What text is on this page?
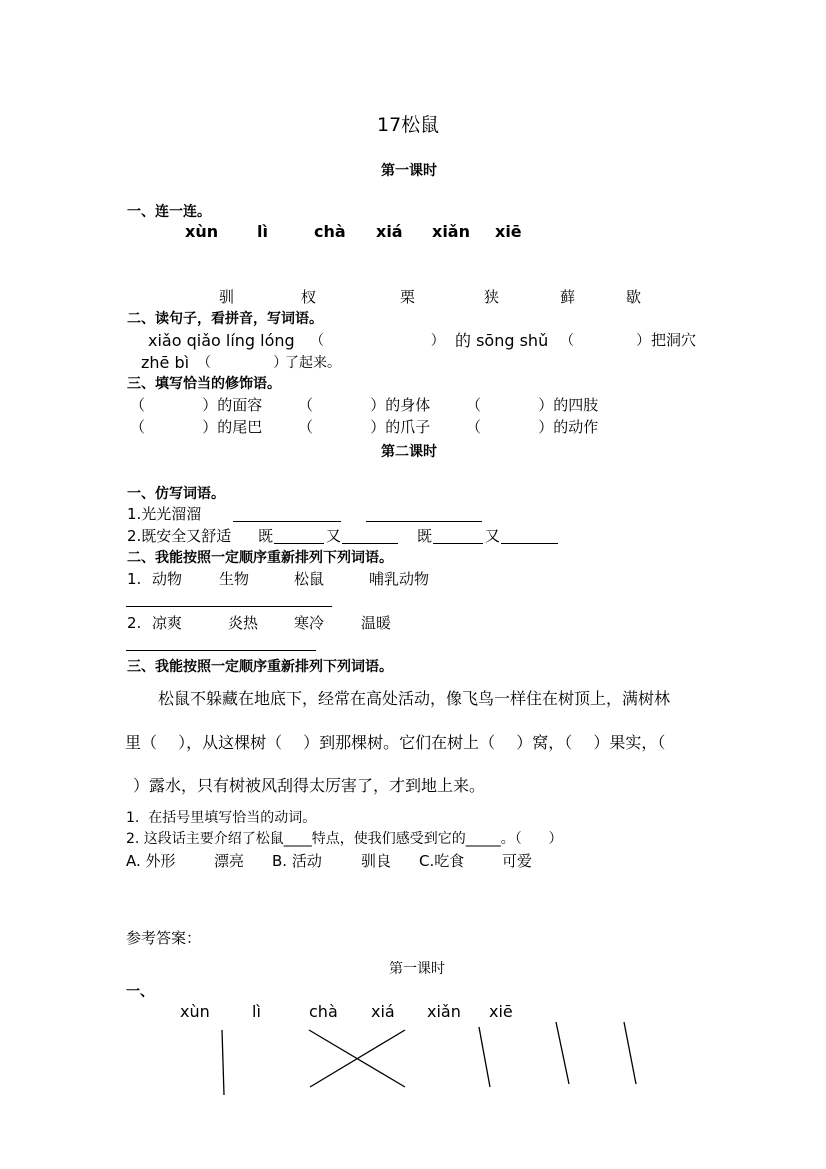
17松鼠
第一课时
一、连一连。
xùn lì	chà xiá xiǎn xiē
驯	杈	栗	狭	藓	歇
二、读句子，看拼音，写词语。
xiǎo qiǎo líng lóng （                        ） 的 sōng shǔ （              ） 把洞穴
zhē bì （              ）
了起来。
三、填写恰当的修饰语。
（            ）的面容 （            ）的身体 （            ）的四肢
（            ）的尾巴 （            ）的爪子 （            ）的动作
第二课时
一、仿写词语。
1.光光溜溜
2.既安全又舒适 既	又	既	又
二、我能按照一定顺序重新排列下列词语。
1. 动物 生物	松鼠	哺乳动物
2. 凉爽	炎热 寒冷 温暖
三、我能按照一定顺序重新排列下列词语。
松鼠不躲藏在地底下，经常在高处活动，像飞鸟一样住在树顶上，满树林
里（　 ），从这棵树（　 ）到那棵树。它们在树上（　 ）窝，（　 ）果实，（
）露水，只有树被风刮得太厉害了，才到地上来。
1.  在括号里填写恰当的动词。
2. 这段话主要介绍了松鼠____特点，使我们感受到它的_____。（      ）
A. 外形	漂亮 B. 活动	驯良 C.吃食	可爱
参考答案：
第一课时
一、
xùn	lì	chà xiá xiǎn xiē
